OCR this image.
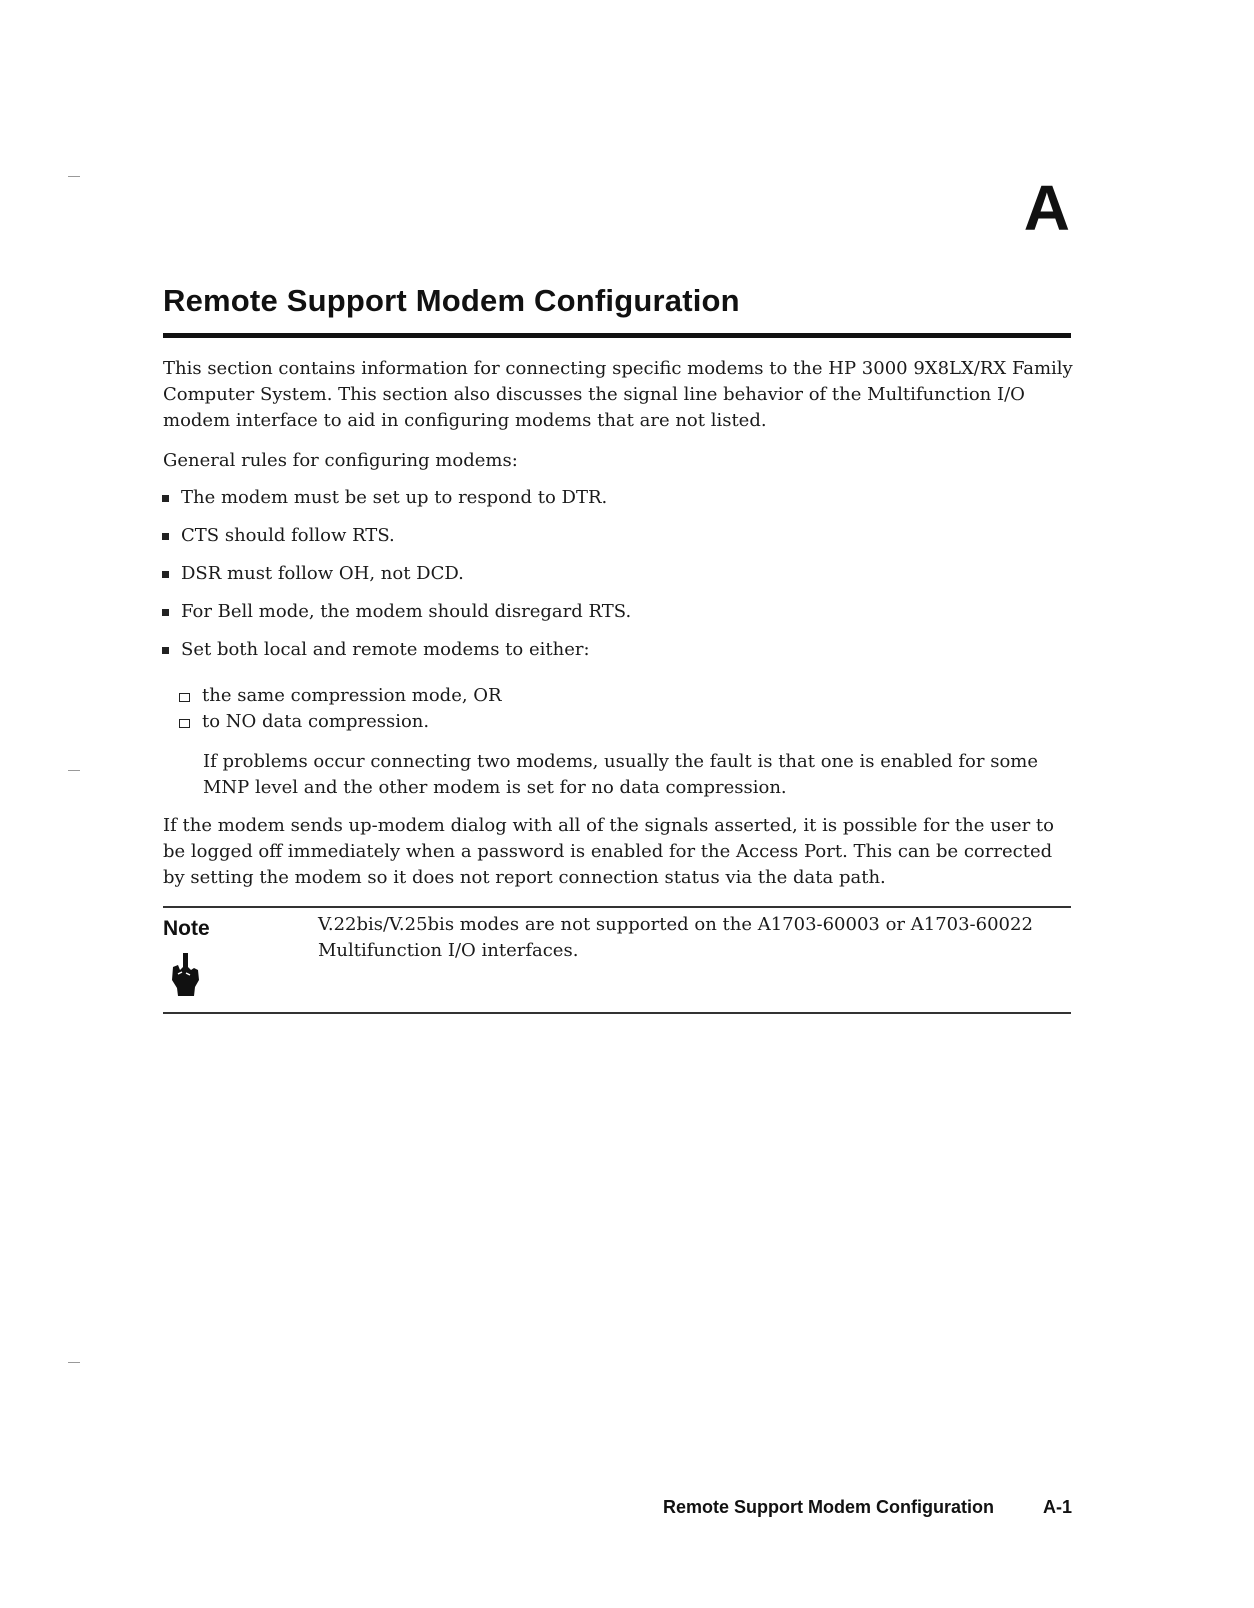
A
Remote Support Modem Configuration

This section contains information for connecting specific modems to the HP 3000 9X8LX/RX Family Computer System. This section also discusses the signal line behavior of the Multifunction I/O modem interface to aid in configuring modems that are not listed.

General rules for configuring modems:

The modem must be set up to respond to DTR.
CTS should follow RTS.
DSR must follow OH, not DCD.
For Bell mode, the modem should disregard RTS.
Set both local and remote modems to either:
the same compression mode, OR
to NO data compression.

If problems occur connecting two modems, usually the fault is that one is enabled for some MNP level and the other modem is set for no data compression.

If the modem sends up-modem dialog with all of the signals asserted, it is possible for the user to be logged off immediately when a password is enabled for the Access Port. This can be corrected by setting the modem so it does not report connection status via the data path.

Note	V.22bis/V.25bis modes are not supported on the A1703-60003 or A1703-60022 Multifunction I/O interfaces.

Remote Support Modem Configuration	A-1
